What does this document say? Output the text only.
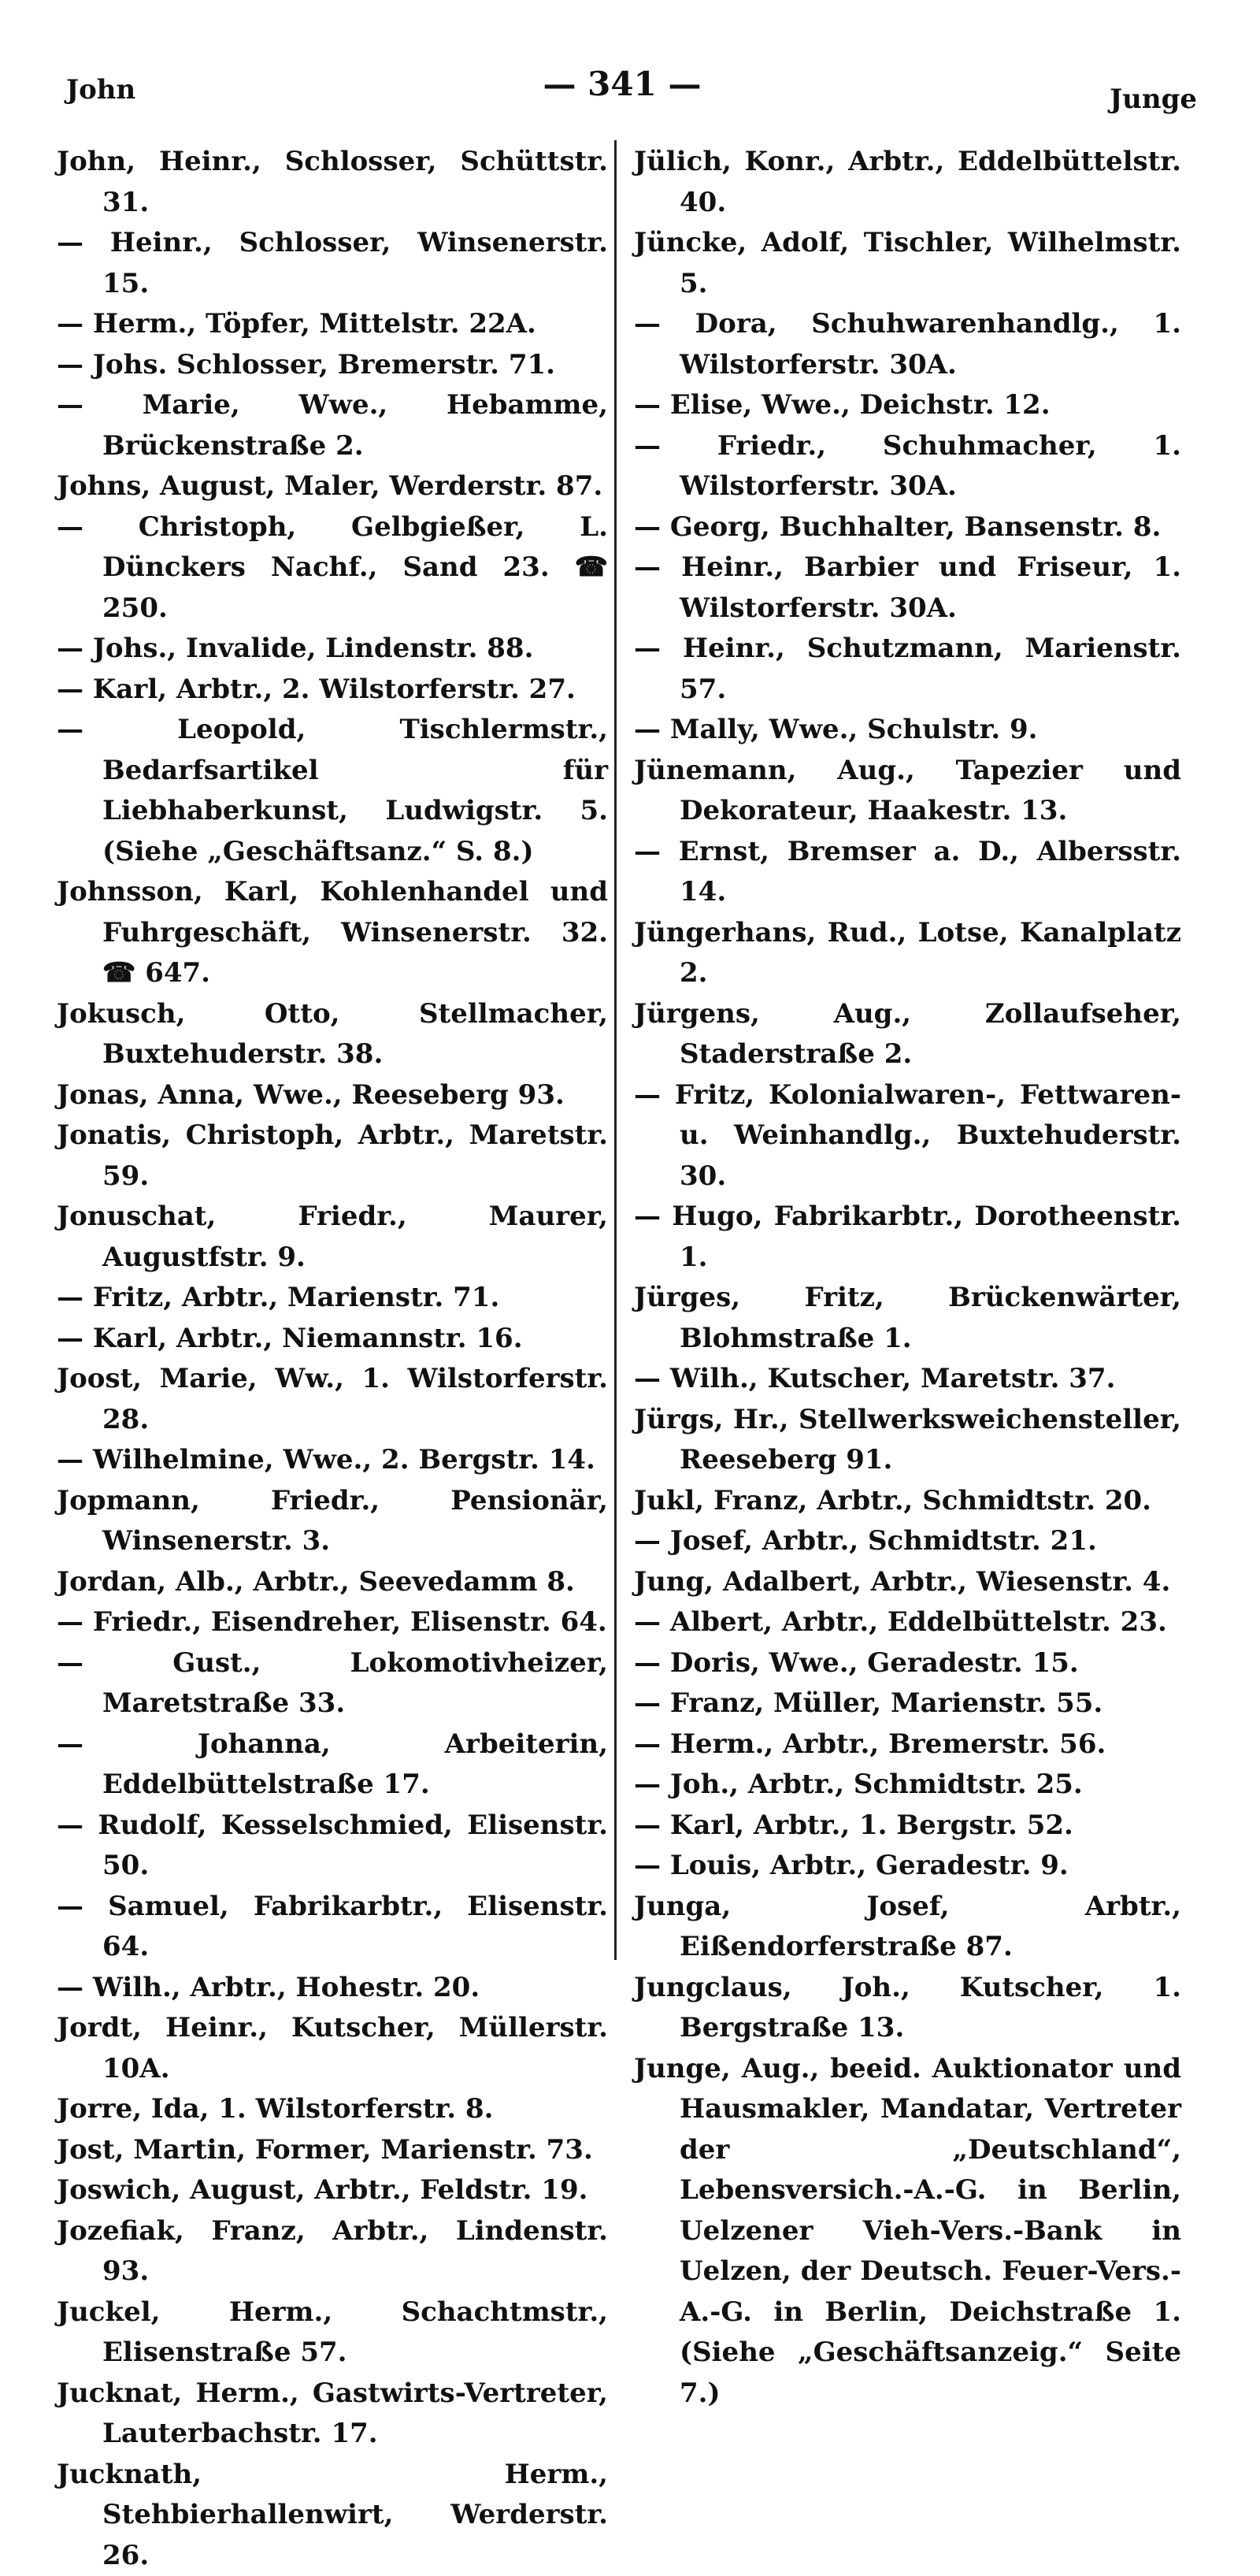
John	— 341 —	Junge

John, Heinr., Schlosser, Schüttstr. 31.

— Heinr., Schlosser, Winsenerstr. 15.

— Herm., Töpfer, Mittelstr. 22A.

— Johs. Schlosser, Bremerstr. 71.

— Marie, Wwe., Hebamme, Brückenstraße 2.

Johns, August, Maler, Werderstr. 87.

— Christoph, Gelbgießer, L. Dünckers Nachf., Sand 23. ☎ 250.

— Johs., Invalide, Lindenstr. 88.

— Karl, Arbtr., 2. Wilstorferstr. 27.

— Leopold, Tischlermstr., Bedarfsartikel für Liebhaberkunst, Ludwigstr. 5. (Siehe „Geschäftsanz.“ S. 8.)

Johnsson, Karl, Kohlenhandel und Fuhrgeschäft, Winsenerstr. 32. ☎ 647.

Jokusch, Otto, Stellmacher, Buxtehuderstr. 38.

Jonas, Anna, Wwe., Reeseberg 93.

Jonatis, Christoph, Arbtr., Maretstr. 59.

Jonuschat, Friedr., Maurer, Augustfstr. 9.

— Fritz, Arbtr., Marienstr. 71.

— Karl, Arbtr., Niemannstr. 16.

Joost, Marie, Ww., 1. Wilstorferstr. 28.

— Wilhelmine, Wwe., 2. Bergstr. 14.

Jopmann, Friedr., Pensionär, Winsenerstr. 3.

Jordan, Alb., Arbtr., Seevedamm 8.

— Friedr., Eisendreher, Elisenstr. 64.

— Gust., Lokomotivheizer, Maretstraße 33.

— Johanna, Arbeiterin, Eddelbüttelstraße 17.

— Rudolf, Kesselschmied, Elisenstr. 50.

— Samuel, Fabrikarbtr., Elisenstr. 64.

— Wilh., Arbtr., Hohestr. 20.

Jordt, Heinr., Kutscher, Müllerstr. 10A.

Jorre, Ida, 1. Wilstorferstr. 8.

Jost, Martin, Former, Marienstr. 73.

Joswich, August, Arbtr., Feldstr. 19.

Jozefiak, Franz, Arbtr., Lindenstr. 93.

Juckel, Herm., Schachtmstr., Elisenstraße 57.

Jucknat, Herm., Gastwirts-Vertreter, Lauterbachstr. 17.

Jucknath, Herm., Stehbierhallenwirt, Werderstr. 26.

Jülich, Konr., Arbtr., Eddelbüttelstr. 40.

Jüncke, Adolf, Tischler, Wilhelmstr. 5.

— Dora, Schuhwarenhandlg., 1. Wilstorferstr. 30A.

— Elise, Wwe., Deichstr. 12.

— Friedr., Schuhmacher, 1. Wilstorferstr. 30A.

— Georg, Buchhalter, Bansenstr. 8.

— Heinr., Barbier und Friseur, 1. Wilstorferstr. 30A.

— Heinr., Schutzmann, Marienstr. 57.

— Mally, Wwe., Schulstr. 9.

Jünemann, Aug., Tapezier und Dekorateur, Haakestr. 13.

— Ernst, Bremser a. D., Albersstr. 14.

Jüngerhans, Rud., Lotse, Kanalplatz 2.

Jürgens, Aug., Zollaufseher, Staderstraße 2.

— Fritz, Kolonialwaren-, Fettwaren- u. Weinhandlg., Buxtehuderstr. 30.

— Hugo, Fabrikarbtr., Dorotheenstr. 1.

Jürges, Fritz, Brückenwärter, Blohmstraße 1.

— Wilh., Kutscher, Maretstr. 37.

Jürgs, Hr., Stellwerksweichensteller, Reeseberg 91.

Jukl, Franz, Arbtr., Schmidtstr. 20.

— Josef, Arbtr., Schmidtstr. 21.

Jung, Adalbert, Arbtr., Wiesenstr. 4.

— Albert, Arbtr., Eddelbüttelstr. 23.

— Doris, Wwe., Geradestr. 15.

— Franz, Müller, Marienstr. 55.

— Herm., Arbtr., Bremerstr. 56.

— Joh., Arbtr., Schmidtstr. 25.

— Karl, Arbtr., 1. Bergstr. 52.

— Louis, Arbtr., Geradestr. 9.

Junga, Josef, Arbtr., Eißendorferstraße 87.

Jungclaus, Joh., Kutscher, 1. Bergstraße 13.

Junge, Aug., beeid. Auktionator und Hausmakler, Mandatar, Vertreter der „Deutschland“, Lebensversich.-A.-G. in Berlin, Uelzener Vieh-Vers.-Bank in Uelzen, der Deutsch. Feuer-Vers.-A.-G. in Berlin, Deichstraße 1. (Siehe „Geschäftsanzeig.“ Seite 7.)
